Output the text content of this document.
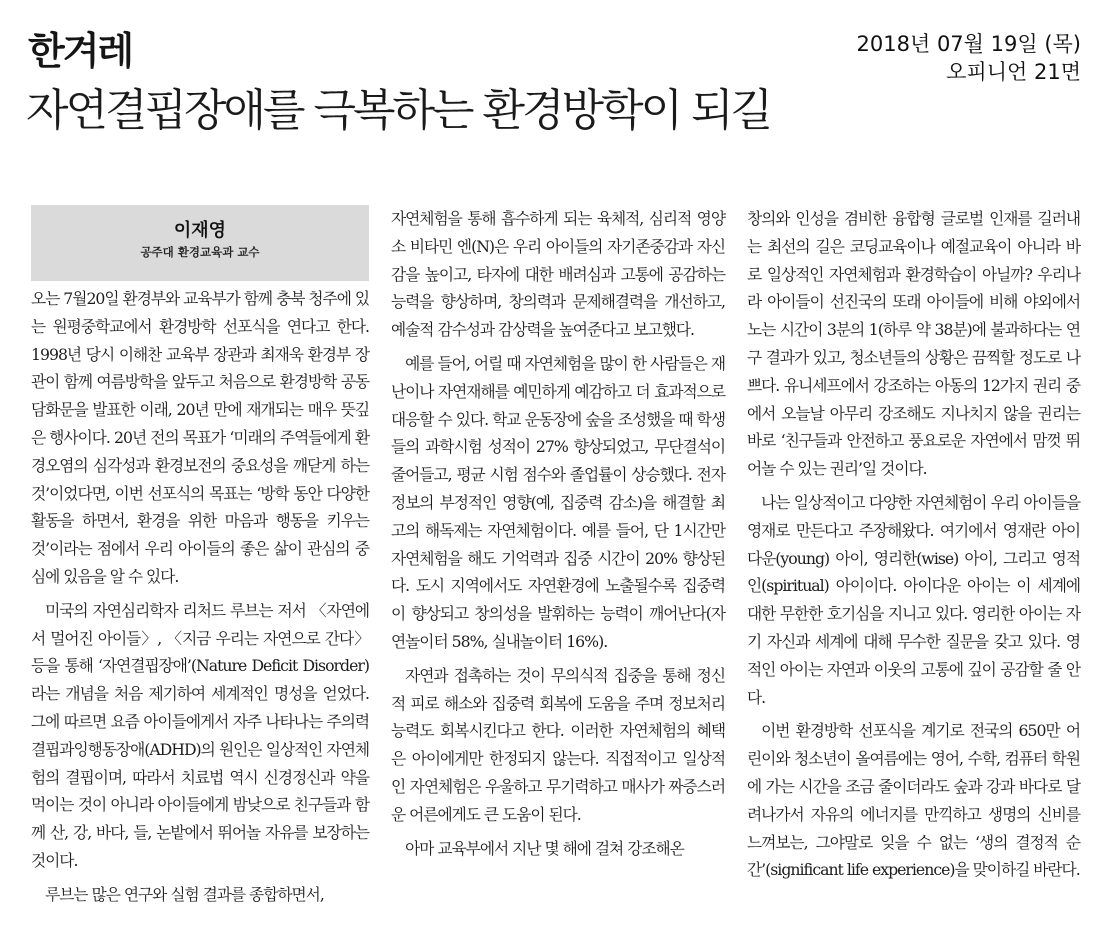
한겨레	2018년 07월 19일 (목)
오피니언 21면
자연결핍장애를 극복하는 환경방학이 되길
이재영
공주대 환경교육과 교수

오는 7월20일 환경부와 교육부가 함께 충북 청주에 있는 원평중학교에서 환경방학 선포식을 연다고 한다. 1998년 당시 이해찬 교육부 장관과 최재욱 환경부 장관이 함께 여름방학을 앞두고 처음으로 환경방학 공동 담화문을 발표한 이래, 20년 만에 재개되는 매우 뜻깊은 행사이다. 20년 전의 목표가 ‘미래의 주역들에게 환경오염의 심각성과 환경보전의 중요성을 깨닫게 하는 것’이었다면, 이번 선포식의 목표는 ‘방학 동안 다양한 활동을 하면서, 환경을 위한 마음과 행동을 키우는 것’이라는 점에서 우리 아이들의 좋은 삶이 관심의 중심에 있음을 알 수 있다.

미국의 자연심리학자 리처드 루브는 저서 〈자연에서 멀어진 아이들〉, 〈지금 우리는 자연으로 간다〉 등을 통해 ‘자연결핍장애’(Nature Deficit Disorder)라는 개념을 처음 제기하여 세계적인 명성을 얻었다. 그에 따르면 요즘 아이들에게서 자주 나타나는 주의력결핍과잉행동장애(ADHD)의 원인은 일상적인 자연체험의 결핍이며, 따라서 치료법 역시 신경정신과 약을 먹이는 것이 아니라 아이들에게 밤낮으로 친구들과 함께 산, 강, 바다, 들, 논밭에서 뛰어놀 자유를 보장하는 것이다.

루브는 많은 연구와 실험 결과를 종합하면서,

자연체험을 통해 흡수하게 되는 육체적, 심리적 영양소 비타민 엔(N)은 우리 아이들의 자기존중감과 자신감을 높이고, 타자에 대한 배려심과 고통에 공감하는 능력을 향상하며, 창의력과 문제해결력을 개선하고, 예술적 감수성과 감상력을 높여준다고 보고했다.

예를 들어, 어릴 때 자연체험을 많이 한 사람들은 재난이나 자연재해를 예민하게 예감하고 더 효과적으로 대응할 수 있다. 학교 운동장에 숲을 조성했을 때 학생들의 과학시험 성적이 27% 향상되었고, 무단결석이 줄어들고, 평균 시험 점수와 졸업률이 상승했다. 전자정보의 부정적인 영향(예, 집중력 감소)을 해결할 최고의 해독제는 자연체험이다. 예를 들어, 단 1시간만 자연체험을 해도 기억력과 집중 시간이 20% 향상된다. 도시 지역에서도 자연환경에 노출될수록 집중력이 향상되고 창의성을 발휘하는 능력이 깨어난다(자연놀이터 58%, 실내놀이터 16%).

자연과 접촉하는 것이 무의식적 집중을 통해 정신적 피로 해소와 집중력 회복에 도움을 주며 정보처리 능력도 회복시킨다고 한다. 이러한 자연체험의 혜택은 아이에게만 한정되지 않는다. 직접적이고 일상적인 자연체험은 우울하고 무기력하고 매사가 짜증스러운 어른에게도 큰 도움이 된다.

아마 교육부에서 지난 몇 해에 걸쳐 강조해온

창의와 인성을 겸비한 융합형 글로벌 인재를 길러내는 최선의 길은 코딩교육이나 예절교육이 아니라 바로 일상적인 자연체험과 환경학습이 아닐까? 우리나라 아이들이 선진국의 또래 아이들에 비해 야외에서 노는 시간이 3분의 1(하루 약 38분)에 불과하다는 연구 결과가 있고, 청소년들의 상황은 끔찍할 정도로 나쁘다. 유니세프에서 강조하는 아동의 12가지 권리 중에서 오늘날 아무리 강조해도 지나치지 않을 권리는 바로 ‘친구들과 안전하고 풍요로운 자연에서 맘껏 뛰어놀 수 있는 권리’일 것이다.

나는 일상적이고 다양한 자연체험이 우리 아이들을 영재로 만든다고 주장해왔다. 여기에서 영재란 아이다운(young) 아이, 영리한(wise) 아이, 그리고 영적인(spiritual) 아이이다. 아이다운 아이는 이 세계에 대한 무한한 호기심을 지니고 있다. 영리한 아이는 자기 자신과 세계에 대해 무수한 질문을 갖고 있다. 영적인 아이는 자연과 이웃의 고통에 깊이 공감할 줄 안다.

이번 환경방학 선포식을 계기로 전국의 650만 어린이와 청소년이 올여름에는 영어, 수학, 컴퓨터 학원에 가는 시간을 조금 줄이더라도 숲과 강과 바다로 달려나가서 자유의 에너지를 만끽하고 생명의 신비를 느껴보는, 그야말로 잊을 수 없는 ‘생의 결정적 순간’(significant life experience)을 맞이하길 바란다.
